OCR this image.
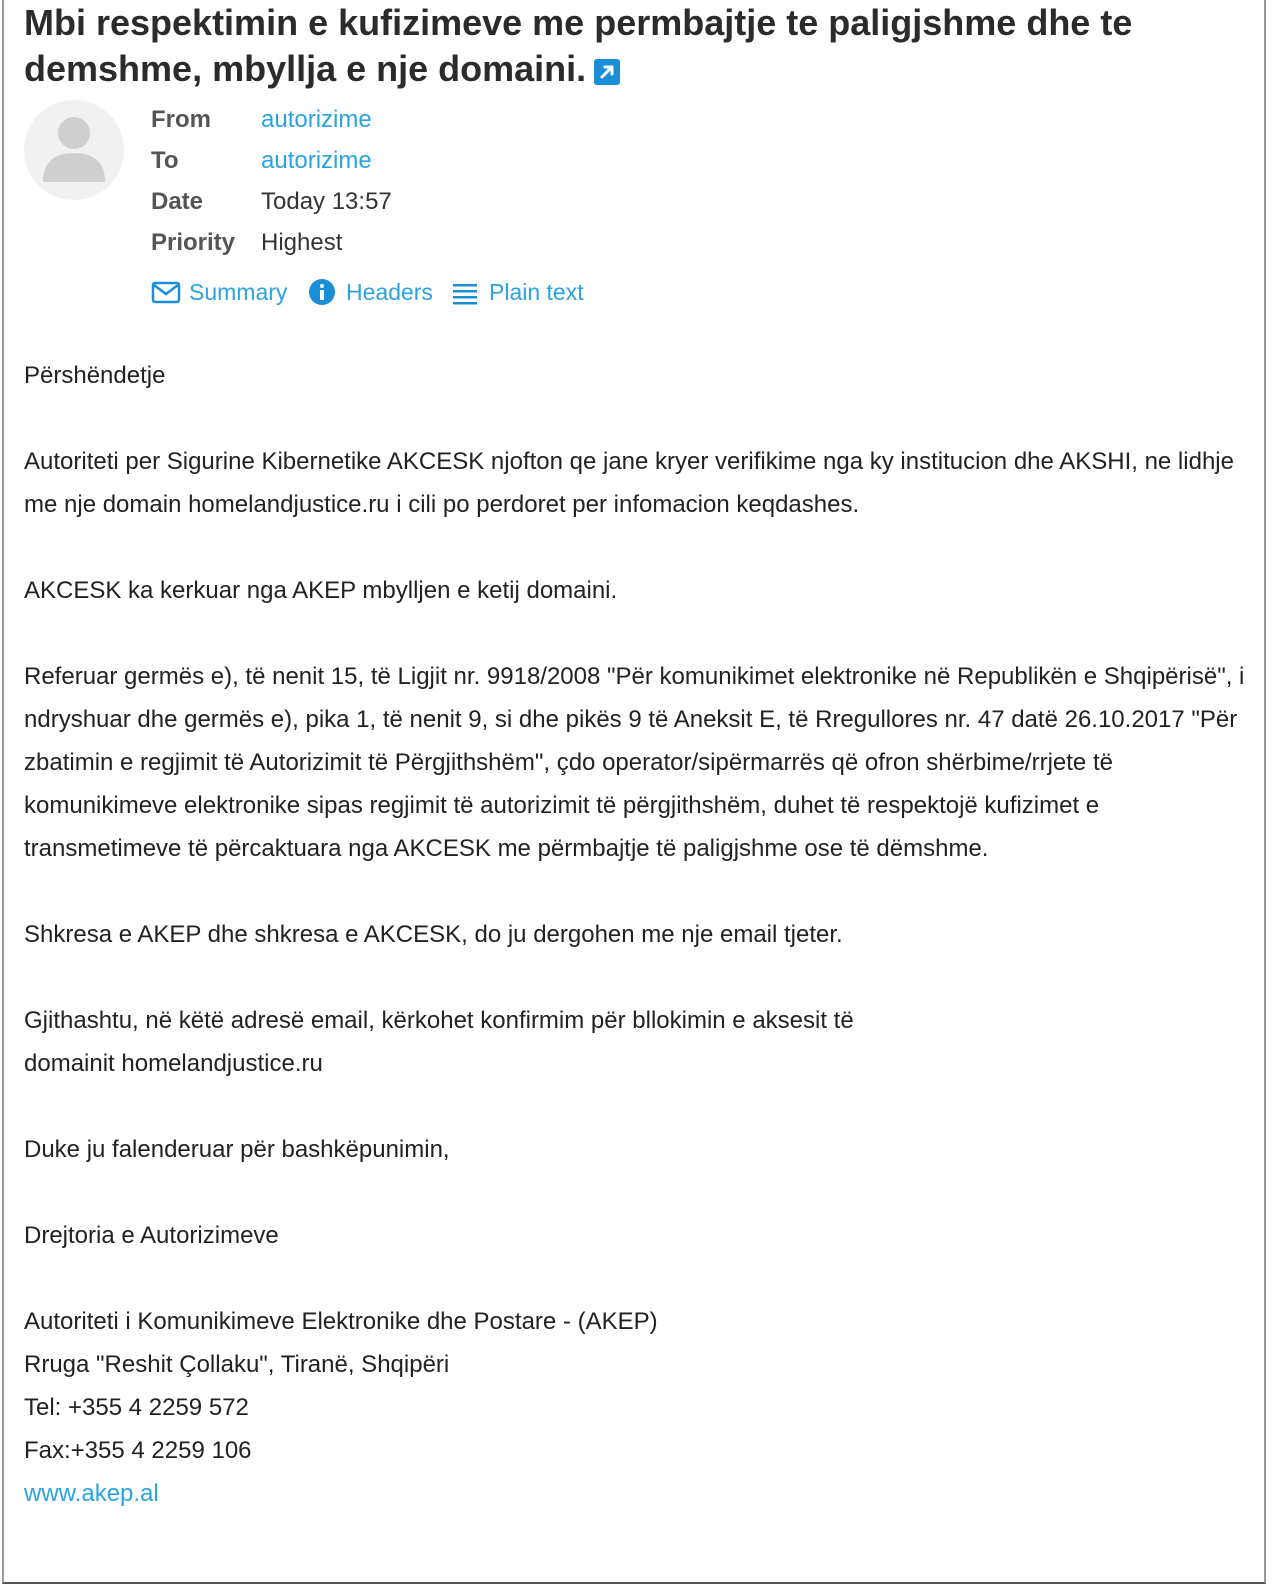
Mbi respektimin e kufizimeve me permbajtje te paligjshme dhe te demshme, mbyllja e nje domaini.
From autorizime
To	autorizime
Date Today 13:57
Priority Highest
Summary	Headers Plain text

Përshëndetje

Autoriteti per Sigurine Kibernetike AKCESK njofton qe jane kryer verifikime nga ky institucion dhe AKSHI, ne lidhje me nje domain homelandjustice.ru i cili po perdoret per infomacion keqdashes.

AKCESK ka kerkuar nga AKEP mbylljen e ketij domaini.

Referuar germës e), të nenit 15, të Ligjit nr. 9918/2008 "Për komunikimet elektronike në Republikën e Shqipërisë", i ndryshuar dhe germës e), pika 1, të nenit 9, si dhe pikës 9 të Aneksit E, të Rregullores nr. 47 datë 26.10.2017 "Për zbatimin e regjimit të Autorizimit të Përgjithshëm", çdo operator/sipërmarrës që ofron shërbime/rrjete të komunikimeve elektronike sipas regjimit të autorizimit të përgjithshëm, duhet të respektojë kufizimet e transmetimeve të përcaktuara nga AKCESK me përmbajtje të paligjshme ose të dëmshme.

Shkresa e AKEP dhe shkresa e AKCESK, do ju dergohen me nje email tjeter.

Gjithashtu, në këtë adresë email, kërkohet konfirmim për bllokimin e aksesit të

domainit homelandjustice.ru

Duke ju falenderuar për bashkëpunimin,

Drejtoria e Autorizimeve

Autoriteti i Komunikimeve Elektronike dhe Postare - (AKEP)

Rruga "Reshit Çollaku", Tiranë, Shqipëri

Tel: +355 4 2259 572

Fax:+355 4 2259 106

www.akep.al
